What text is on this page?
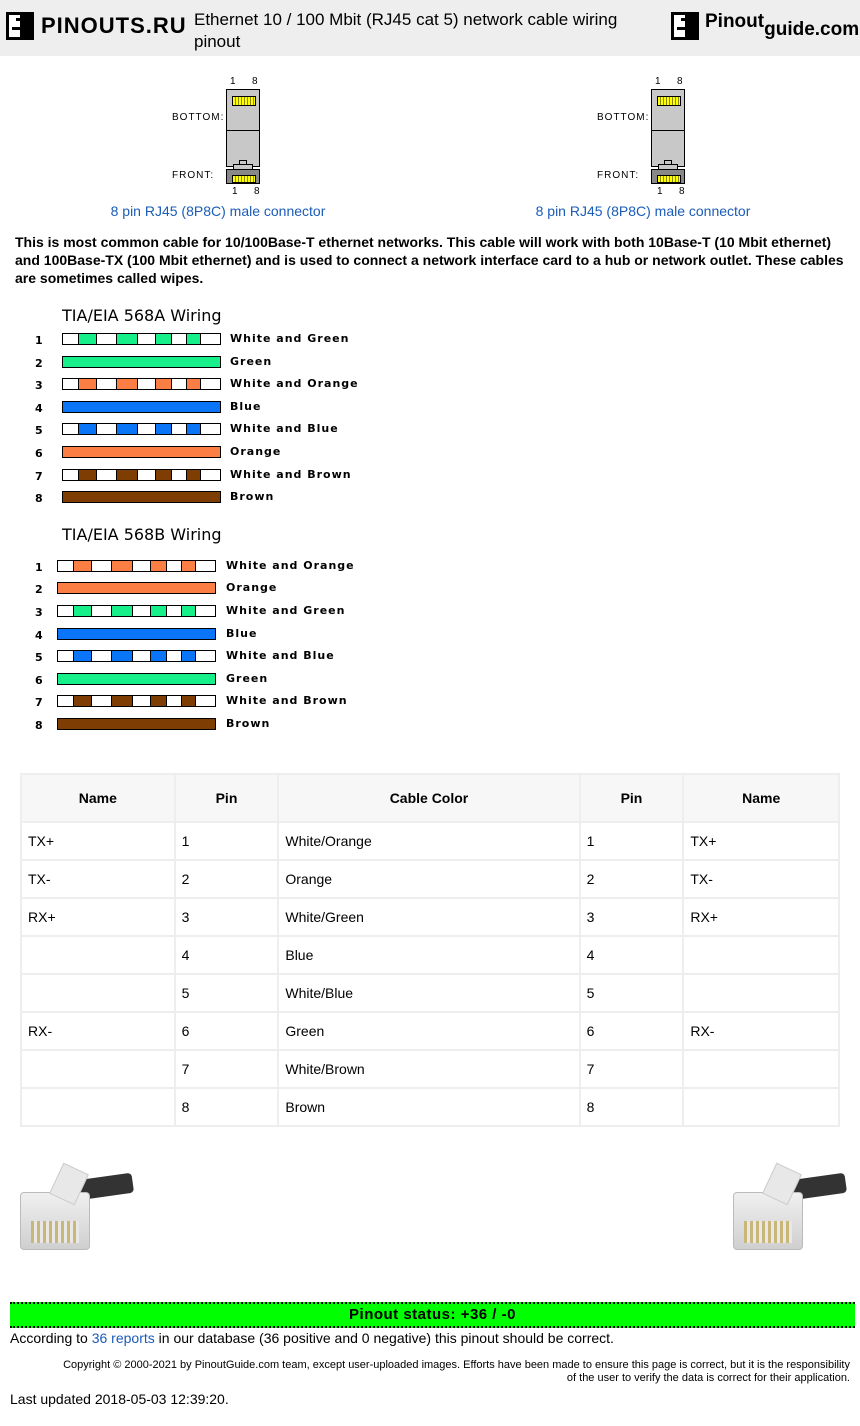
PINOUTS.RU Ethernet 10 / 100 Mbit (RJ45 cat 5) network cable wiring pinout
Pinout guide.com
1 8
BOTTOM:
FRONT:
1 8
8 pin RJ45 (8P8C) male connector
1 8
BOTTOM:
FRONT:
1 8
8 pin RJ45 (8P8C) male connector

This is most common cable for 10/100Base-T ethernet networks. This cable will work with both 10Base-T (10 Mbit ethernet) and 100Base-TX (100 Mbit ethernet) and is used to connect a network interface card to a hub or network outlet. These cables are sometimes called wipes.

TIA/EIA 568A Wiring
1	White and Green
2	Green
3	White and Orange
4	Blue
5	White and Blue
6	Orange
7	White and Brown
8	Brown
TIA/EIA 568B Wiring
1	White and Orange
2	Orange
3	White and Green
4	Blue
5	White and Blue
6	Green
7	White and Brown
8	Brown
Name	Pin	Cable Color	Pin	Name
TX+	1	White/Orange	1	TX+
TX-	2	Orange	2	TX-
RX+	3	White/Green	3	RX+
	4	Blue	4	
	5	White/Blue	5	
RX-	6	Green	6	RX-
	7	White/Brown	7	
	8	Brown	8	
Pinout status: +36 / -0

According to 36 reports in our database (36 positive and 0 negative) this pinout should be correct.

Copyright © 2000-2021 by PinoutGuide.com team, except user-uploaded images. Efforts have been made to ensure this page is correct, but it is the responsibility of the user to verify the data is correct for their application.

Last updated 2018-05-03 12:39:20.
